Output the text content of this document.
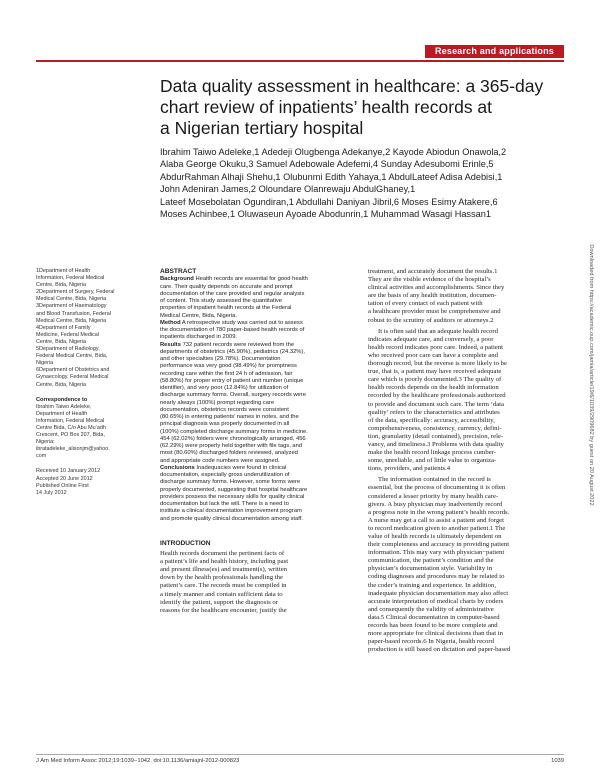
Research and applications
Data quality assessment in healthcare: a 365-day
chart review of inpatients’ health records at
a Nigerian tertiary hospital
Ibrahim Taiwo Adeleke,1 Adedeji Olugbenga Adekanye,2 Kayode Abiodun Onawola,2
Alaba George Okuku,3 Samuel Adebowale Adefemi,4 Sunday Adesubomi Erinle,5
AbdurRahman Alhaji Shehu,1 Olubunmi Edith Yahaya,1 AbdulLateef Adisa Adebisi,1
John Adeniran James,2 Oloundare Olanrewaju AbdulGhaney,1
Lateef Mosebolatan Ogundiran,1 Abdullahi Daniyan Jibril,6 Moses Esimy Atakere,6
Moses Achinbee,1 Oluwaseun Ayoade Abodunrin,1 Muhammad Wasagi Hassan1
1Department of Health
Information, Federal Medical
Centre, Bida, Nigeria
2Department of Surgery, Federal
Medical Centre, Bida, Nigeria
3Department of Haematology
and Blood Transfusion, Federal
Medical Centre, Bida, Nigeria
4Department of Family
Medicine, Federal Medical
Centre, Bida, Nigeria
5Department of Radiology,
Federal Medical Centre, Bida,
Nigeria
6Department of Obstetrics and
Gynaecology, Federal Medical
Centre, Bida, Nigeria
Correspondence to
Ibrahim Taiwo Adeleke,
Department of Health
Information, Federal Medical
Centre Bida, C/o Abu Mu’adh
Crescent, PO Box 207, Bida,
Nigeria;
ibratadeleke_alisonjm@yahoo.
com
Received 10 January 2012
Accepted 20 June 2012
Published Online First
14 July 2012
ABSTRACT
Background Health records are essential for good health
care. Their quality depends on accurate and prompt
documentation of the care provided and regular analysis
of content. This study assessed the quantitative
properties of inpatient health records at the Federal
Medical Centre, Bida, Nigeria.
Method A retrospective study was carried out to assess
the documentation of 780 paper-based health records of
inpatients discharged in 2009.
Results 732 patient records were reviewed from the
departments of obstetrics (45.90%), pediatrics (24.32%),
and other specialties (29.78%). Documentation
performance was very good (98.49%) for promptness
recording care within the first 24 h of admission, fair
(58.80%) for proper entry of patient unit number (unique
identifier), and very poor (12.84%) for utilization of
discharge summary forms. Overall, surgery records were
nearly always (100%) prompt regarding care
documentation, obstetrics records were consistent
(80.65%) in entering patients’ names in notes, and the
principal diagnosis was properly documented in all
(100%) completed discharge summary forms in medicine.
454 (62.02%) folders were chronologically arranged, 456
(62.29%) were properly held together with file tags, and
most (80.60%) discharged folders reviewed, analyzed
and appropriate code numbers were assigned.
Conclusions Inadequacies were found in clinical
documentation, especially gross underutilization of
discharge summary forms. However, some forms were
properly documented, suggesting that hospital healthcare
providers possess the necessary skills for quality clinical
documentation but lack the will. There is a need to
institute a clinical documentation improvement program
and promote quality clinical documentation among staff.
INTRODUCTION
Health records document the pertinent facts of
a patient’s life and health history, including past
and present illness(es) and treatment(s), written
down by the health professionals handling the
patient’s care. The records must be compiled in
a timely manner and contain sufficient data to
identify the patient, support the diagnosis or
reasons for the healthcare encounter, justify the
treatment, and accurately document the results.1
They are the visible evidence of the hospital’s
clinical activities and accomplishments. Since they
are the basis of any health institution, documen-
tation of every contact of each patient with
a healthcare provider must be comprehensive and
robust to the scrutiny of auditors or attorneys.2
It is often said that an adequate health record
indicates adequate care, and conversely, a poor
health record indicates poor care. Indeed, a patient
who received poor care can have a complete and
thorough record, but the reverse is more likely to be
true, that is, a patient may have received adequate
care which is poorly documented.3 The quality of
health records depends on the health information
recorded by the healthcare professionals authorized
to provide and document such care. The term ‘data
quality’ refers to the characteristics and attributes
of the data, specifically: accuracy, accessibility,
comprehensiveness, consistency, currency, defini-
tion, granularity (detail contained), precision, rele-
vancy, and timeliness.3 Problems with data quality
make the health record linkage process cumber-
some, unreliable, and of little value to organiza-
tions, providers, and patients.4
The information contained in the record is
essential, but the process of documenting it is often
considered a lesser priority by many health care-
givers. A busy physician may inadvertently record
a progress note in the wrong patient’s health records.
A nurse may get a call to assist a patient and forget
to record medication given to another patient.1 The
value of health records is ultimately dependent on
their completeness and accuracy in providing patient
information. This may vary with physician−patient
communication, the patient’s condition and the
physician’s documentation style. Variability in
coding diagnoses and procedures may be related to
the coder’s training and experience. In addition,
inadequate physician documentation may also affect
accurate interpretation of medical charts by coders
and consequently the validity of administrative
data.5 Clinical documentation in computer-based
records has been found to be more complete and
more appropriate for clinical decisions than that in
paper-based records.6 In Nigeria, health record
production is still based on dictation and paper-based
Downloaded from https://academic.oup.com/jamia/article/19/6/1039/2909682 by guest on 20 August 2022
J Am Med Inform Assoc 2012;19:1039−1042. doi:10.1136/amiajnl-2012-000823	1039
